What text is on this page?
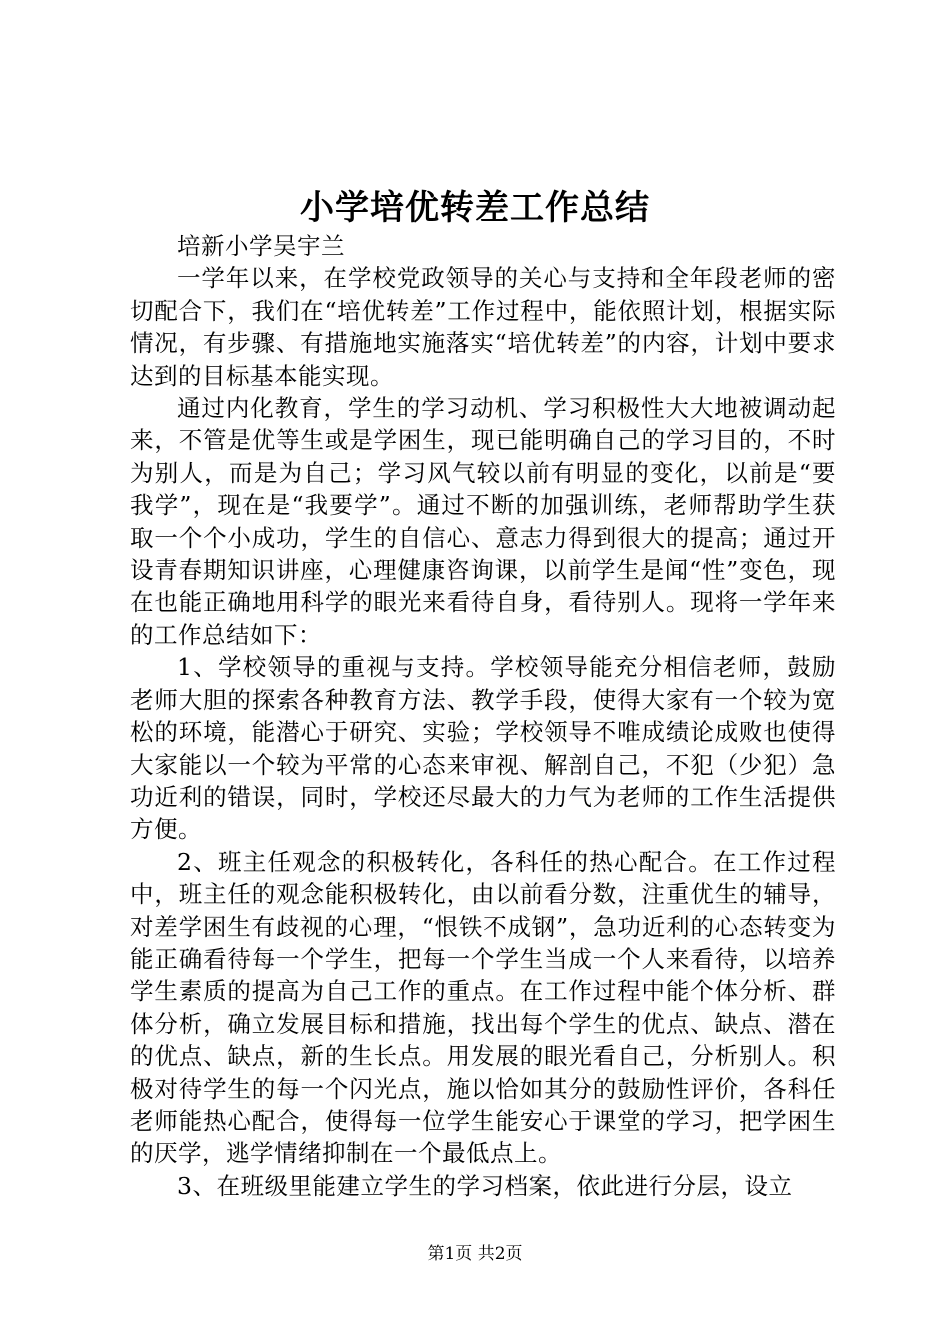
小学培优转差工作总结

培新小学吴宇兰

一学年以来，在学校党政领导的关心与支持和全年段老师的密切配合下，我们在“培优转差”工作过程中，能依照计划，根据实际情况，有步骤、有措施地实施落实“培优转差”的内容，计划中要求达到的目标基本能实现。

通过内化教育，学生的学习动机、学习积极性大大地被调动起来，不管是优等生或是学困生，现已能明确自己的学习目的，不时为别人，而是为自己；学习风气较以前有明显的变化，以前是“要我学”，现在是“我要学”。通过不断的加强训练，老师帮助学生获取一个个小成功，学生的自信心、意志力得到很大的提高；通过开设青春期知识讲座，心理健康咨询课，以前学生是闻“性”变色，现在也能正确地用科学的眼光来看待自身，看待别人。现将一学年来的工作总结如下：

1、学校领导的重视与支持。学校领导能充分相信老师，鼓励老师大胆的探索各种教育方法、教学手段，使得大家有一个较为宽松的环境，能潜心于研究、实验；学校领导不唯成绩论成败也使得大家能以一个较为平常的心态来审视、解剖自己，不犯（少犯）急功近利的错误，同时，学校还尽最大的力气为老师的工作生活提供方便。

2、班主任观念的积极转化，各科任的热心配合。在工作过程中，班主任的观念能积极转化，由以前看分数，注重优生的辅导，对差学困生有歧视的心理，“恨铁不成钢”，急功近利的心态转变为能正确看待每一个学生，把每一个学生当成一个人来看待，以培养学生素质的提高为自己工作的重点。在工作过程中能个体分析、群体分析，确立发展目标和措施，找出每个学生的优点、缺点、潜在的优点、缺点，新的生长点。用发展的眼光看自己，分析别人。积极对待学生的每一个闪光点，施以恰如其分的鼓励性评价，各科任老师能热心配合，使得每一位学生能安心于课堂的学习，把学困生的厌学，逃学情绪抑制在一个最低点上。

3、在班级里能建立学生的学习档案，依此进行分层，设立

第1页 共2页
